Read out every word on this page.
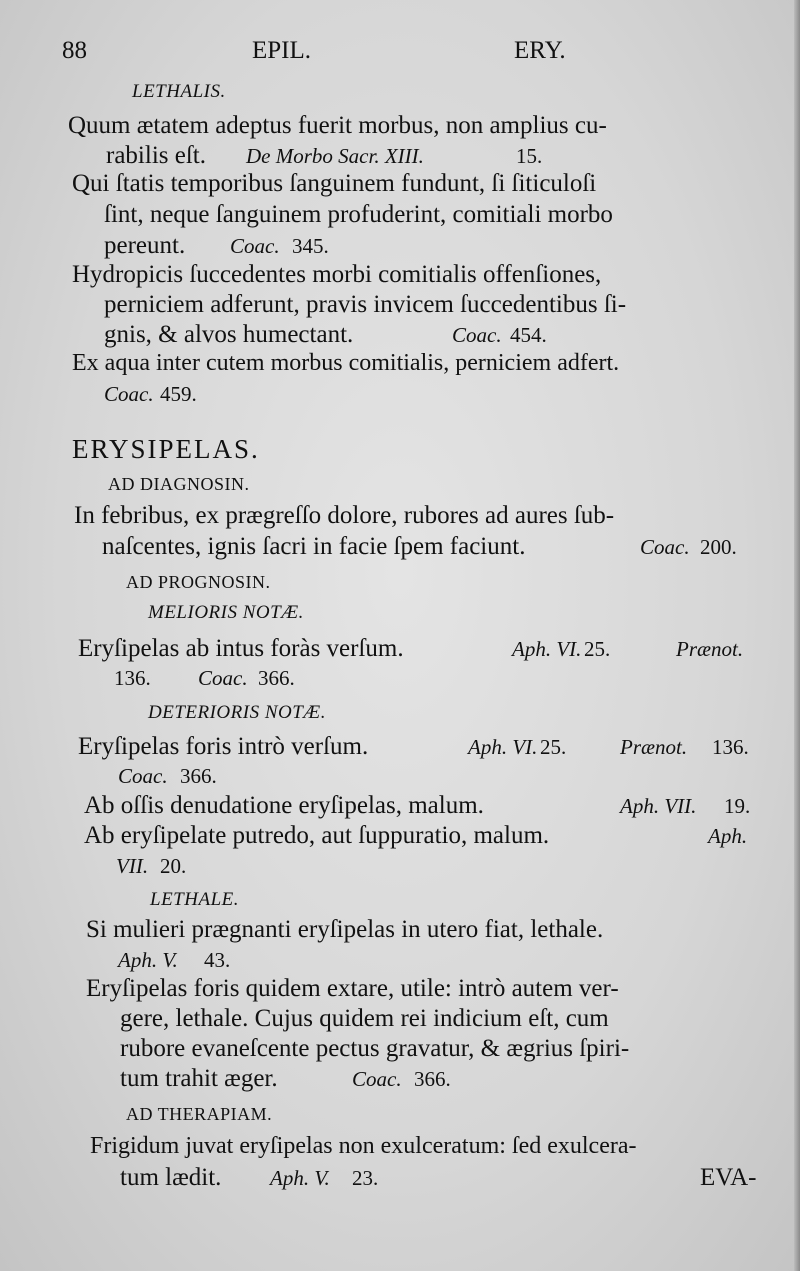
88	EPIL.	ERY.
LETHALIS.
Quum ætatem adeptus fuerit morbus, non amplius cu-
rabilis eſt. De Morbo Sacr. XIII.	15.
Qui ſtatis temporibus ſanguinem fundunt, ſi ſiticuloſi
ſint, neque ſanguinem profuderint, comitiali morbo
pereunt. Coac. 345.
Hydropicis ſuccedentes morbi comitialis offenſiones,
perniciem adferunt, pravis invicem ſuccedentibus ſi-
gnis, & alvos humectant.	Coac. 454.
Ex aqua inter cutem morbus comitialis, perniciem adfert.
Coac. 459.
ERYSIPELAS.
AD DIAGNOSIN.
In febribus, ex prægreſſo dolore, rubores ad aures ſub-
naſcentes, ignis ſacri in facie ſpem faciunt.	Coac. 200.
AD PROGNOSIN.
MELIORIS NOTÆ.
Eryſipelas ab intus foràs verſum.	Aph. VI. 25.	Prænot.
136. Coac. 366.
DETERIORIS NOTÆ.
Eryſipelas foris intrò verſum.	Aph. VI. 25.	Prænot. 136.
Coac. 366.
Ab oſſis denudatione eryſipelas, malum.	Aph. VII. 19.
Ab eryſipelate putredo, aut ſuppuratio, malum.	Aph.
VII. 20.
LETHALE.
Si mulieri prægnanti eryſipelas in utero fiat, lethale.
Aph. V. 43.
Eryſipelas foris quidem extare, utile: intrò autem ver-
gere, lethale. Cujus quidem rei indicium eſt, cum
rubore evaneſcente pectus gravatur, & ægrius ſpiri-
tum trahit æger.	Coac. 366.
AD THERAPIAM.
Frigidum juvat eryſipelas non exulceratum: ſed exulcera-
tum lædit. Aph. V. 23.	EVA-
